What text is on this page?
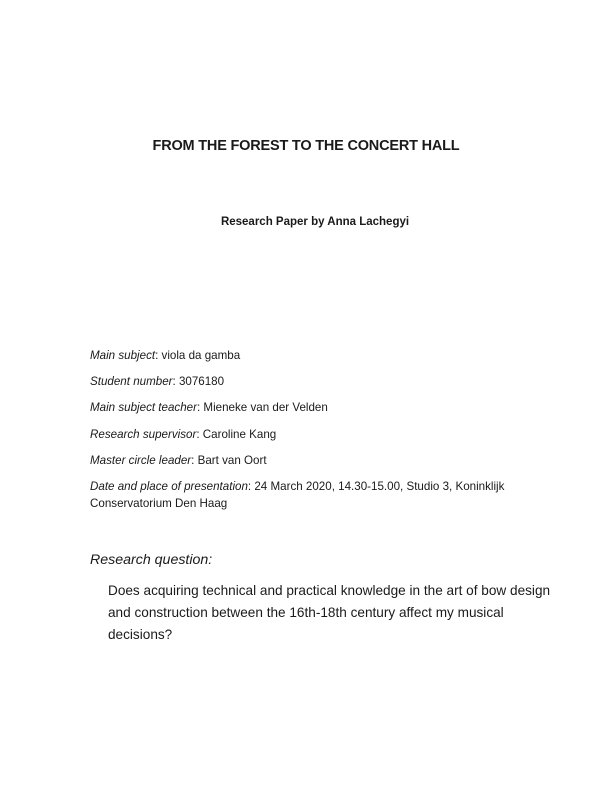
FROM THE FOREST TO THE CONCERT HALL

Research Paper by Anna Lachegyi

Main subject: viola da gamba

Student number: 3076180

Main subject teacher: Mieneke van der Velden

Research supervisor: Caroline Kang

Master circle leader: Bart van Oort

Date and place of presentation: 24 March 2020, 14.30-15.00, Studio 3, Koninklijk Conservatorium Den Haag

Research question:

Does acquiring technical and practical knowledge in the art of bow design and construction between the 16th-18th century affect my musical decisions?
